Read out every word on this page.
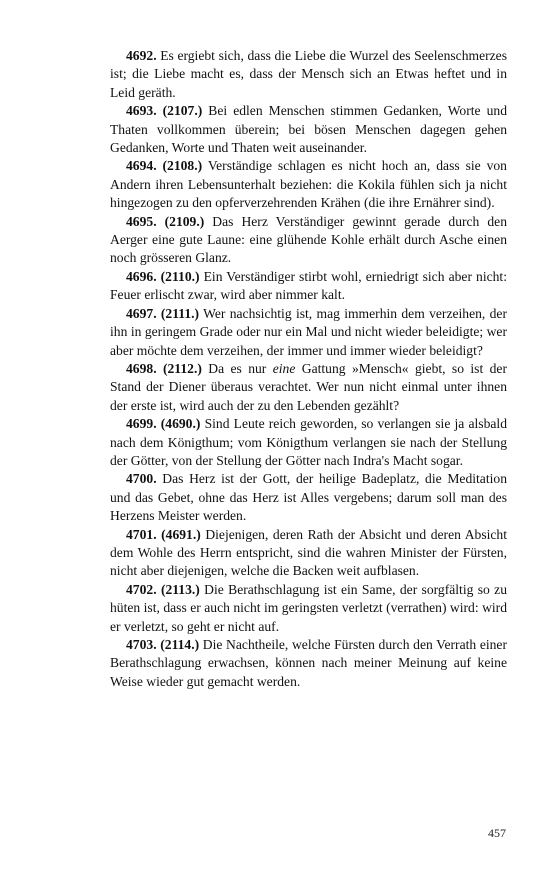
4692. Es ergiebt sich, dass die Liebe die Wurzel des Seelenschmerzes ist; die Liebe macht es, dass der Mensch sich an Etwas heftet und in Leid geräth.

4693. (2107.) Bei edlen Menschen stimmen Gedanken, Worte und Thaten vollkommen überein; bei bösen Menschen dagegen gehen Gedanken, Worte und Thaten weit auseinander.

4694. (2108.) Verständige schlagen es nicht hoch an, dass sie von Andern ihren Lebensunterhalt beziehen: die Kokila fühlen sich ja nicht hingezogen zu den opferverzehrenden Krähen (die ihre Ernährer sind).

4695. (2109.) Das Herz Verständiger gewinnt gerade durch den Aerger eine gute Laune: eine glühende Kohle erhält durch Asche einen noch grösseren Glanz.

4696. (2110.) Ein Verständiger stirbt wohl, erniedrigt sich aber nicht: Feuer erlischt zwar, wird aber nimmer kalt.

4697. (2111.) Wer nachsichtig ist, mag immerhin dem verzeihen, der ihn in geringem Grade oder nur ein Mal und nicht wieder beleidigte; wer aber möchte dem verzeihen, der immer und immer wieder beleidigt?

4698. (2112.) Da es nur eine Gattung »Mensch« giebt, so ist der Stand der Diener überaus verachtet. Wer nun nicht einmal unter ihnen der erste ist, wird auch der zu den Lebenden gezählt?

4699. (4690.) Sind Leute reich geworden, so verlangen sie ja alsbald nach dem Königthum; vom Königthum verlangen sie nach der Stellung der Götter, von der Stellung der Götter nach Indra's Macht sogar.

4700. Das Herz ist der Gott, der heilige Badeplatz, die Meditation und das Gebet, ohne das Herz ist Alles vergebens; darum soll man des Herzens Meister werden.

4701. (4691.) Diejenigen, deren Rath der Absicht und deren Absicht dem Wohle des Herrn entspricht, sind die wahren Minister der Fürsten, nicht aber diejenigen, welche die Backen weit aufblasen.

4702. (2113.) Die Berathschlagung ist ein Same, der sorgfältig so zu hüten ist, dass er auch nicht im geringsten verletzt (verrathen) wird: wird er verletzt, so geht er nicht auf.

4703. (2114.) Die Nachtheile, welche Fürsten durch den Verrath einer Berathschlagung erwachsen, können nach meiner Meinung auf keine Weise wieder gut gemacht werden.

457
